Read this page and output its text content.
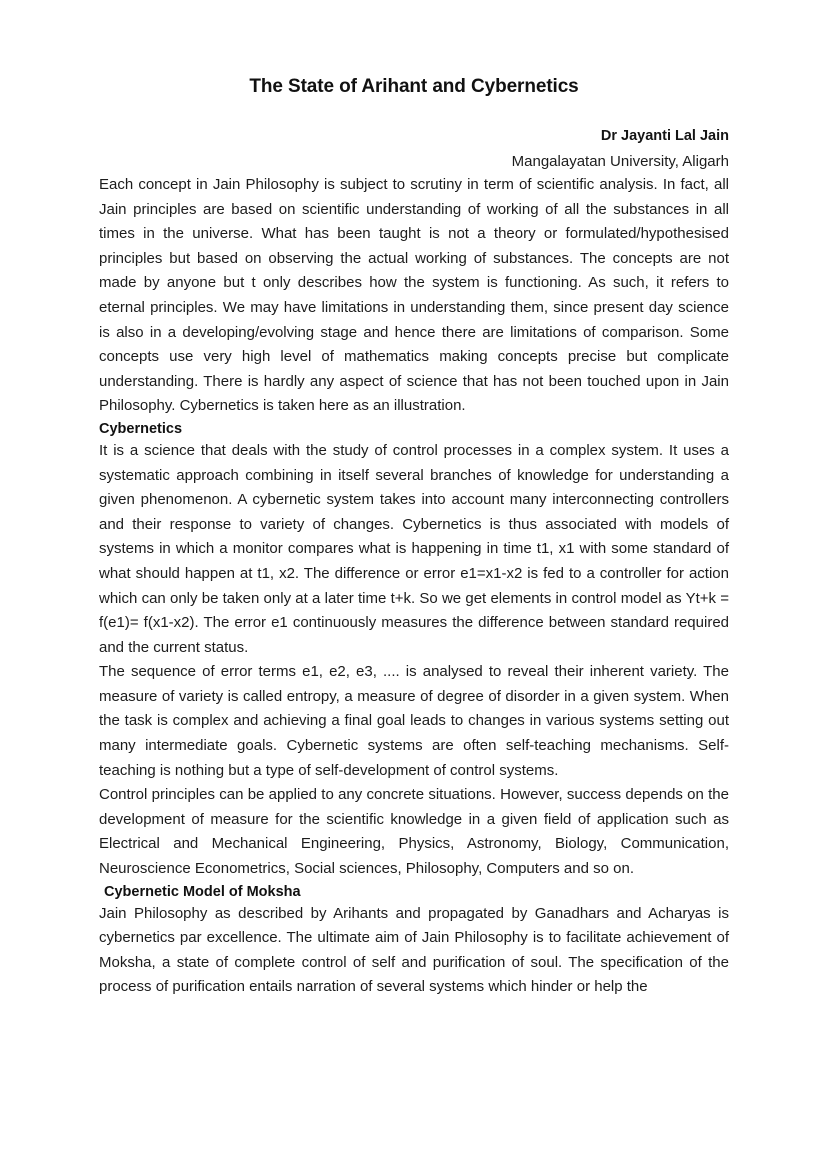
The State of Arihant and Cybernetics
Dr Jayanti Lal Jain
Mangalayatan University, Aligarh

Each concept in Jain Philosophy is subject to scrutiny in term of scientific analysis. In fact, all Jain principles are based on scientific understanding of working of all the substances in all times in the universe. What has been taught is not a theory or formulated/hypothesised principles but based on observing the actual working of substances. The concepts are not made by anyone but t only describes how the system is functioning. As such, it refers to eternal principles. We may have limitations in understanding them, since present day science is also in a developing/evolving stage and hence there are limitations of comparison. Some concepts use very high level of mathematics making concepts precise but complicate understanding. There is hardly any aspect of science that has not been touched upon in Jain Philosophy. Cybernetics is taken here as an illustration.

Cybernetics

It is a science that deals with the study of control processes in a complex system. It uses a systematic approach combining in itself several branches of knowledge for understanding a given phenomenon. A cybernetic system takes into account many interconnecting controllers and their response to variety of changes. Cybernetics is thus associated with models of systems in which a monitor compares what is happening in time t1, x1 with some standard of what should happen at t1, x2. The difference or error e1=x1-x2 is fed to a controller for action which can only be taken only at a later time t+k. So we get elements in control model as Yt+k = f(e1)= f(x1-x2). The error e1 continuously measures the difference between standard required and the current status.

The sequence of error terms e1, e2, e3, .... is analysed to reveal their inherent variety. The measure of variety is called entropy, a measure of degree of disorder in a given system. When the task is complex and achieving a final goal leads to changes in various systems setting out many intermediate goals. Cybernetic systems are often self-teaching mechanisms. Self-teaching is nothing but a type of self-development of control systems.

Control principles can be applied to any concrete situations. However, success depends on the development of measure for the scientific knowledge in a given field of application such as Electrical and Mechanical Engineering, Physics, Astronomy, Biology, Communication, Neuroscience Econometrics, Social sciences, Philosophy, Computers and so on.

Cybernetic Model of Moksha

Jain Philosophy as described by Arihants and propagated by Ganadhars and Acharyas is cybernetics par excellence. The ultimate aim of Jain Philosophy is to facilitate achievement of Moksha, a state of complete control of self and purification of soul. The specification of the process of purification entails narration of several systems which hinder or help the
